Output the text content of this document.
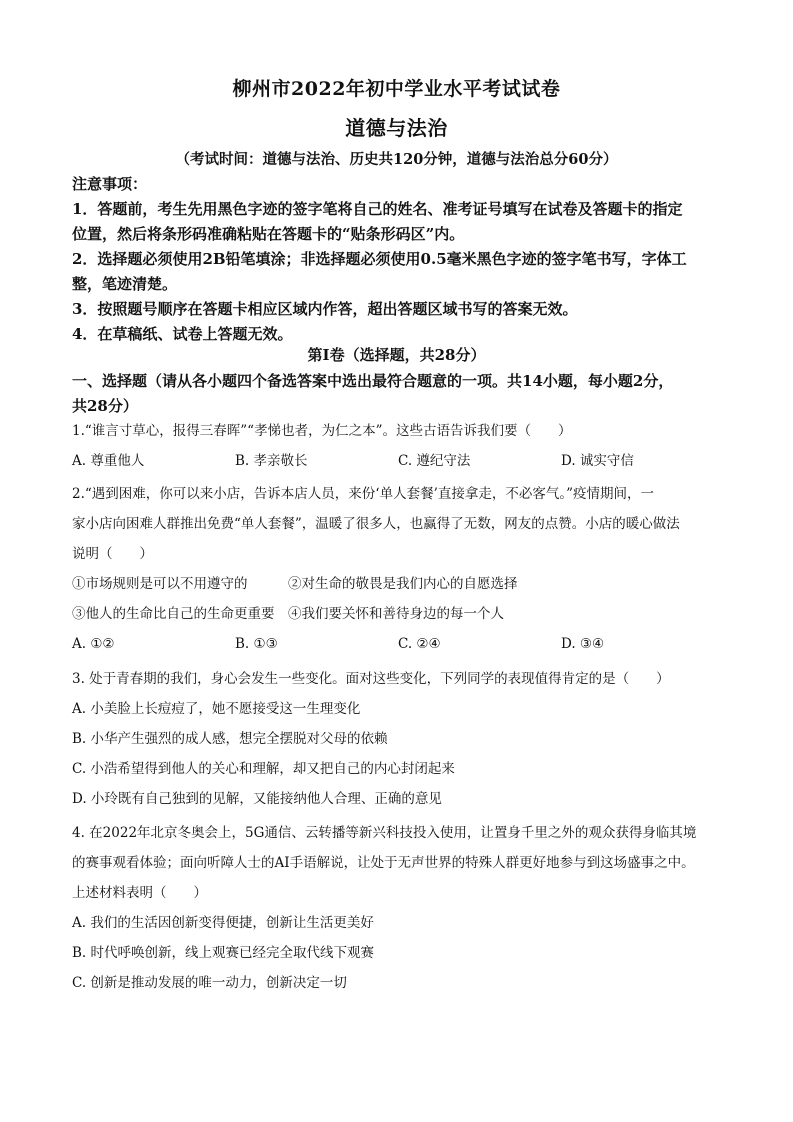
柳州市2022年初中学业水平考试试卷
道德与法治
（考试时间：道德与法治、历史共120分钟，道德与法治总分60分）

注意事项：

1．答题前，考生先用黑色字迹的签字笔将自己的姓名、准考证号填写在试卷及答题卡的指定

位置，然后将条形码准确粘贴在答题卡的“贴条形码区”内。

2．选择题必须使用2B铅笔填涂；非选择题必须使用0.5毫米黑色字迹的签字笔书写，字体工

整，笔迹清楚。

3．按照题号顺序在答题卡相应区域内作答，超出答题区域书写的答案无效。

4．在草稿纸、试卷上答题无效。

第Ⅰ卷（选择题，共28分）
一、选择题（请从各小题四个备选答案中选出最符合题意的一项。共14小题，每小题2分，
共28分）

1.“谁言寸草心，报得三春晖”“孝悌也者，为仁之本”。这些古语告诉我们要（　　）

A. 尊重他人	B. 孝亲敬长	C. 遵纪守法	D. 诚实守信

2.“遇到困难，你可以来小店，告诉本店人员，来份‘单人套餐’直接拿走，不必客气。”疫情期间，一

家小店向困难人群推出免费“单人套餐”，温暖了很多人，也赢得了无数，网友的点赞。小店的暖心做法

说明（　　）

①市场规则是可以不用遵守的	②对生命的敬畏是我们内心的自愿选择

③他人的生命比自己的生命更重要 ④我们要关怀和善待身边的每一个人

A. ①②	B. ①③	C. ②④	D. ③④

3. 处于青春期的我们，身心会发生一些变化。面对这些变化，下列同学的表现值得肯定的是（　　）

A. 小美脸上长痘痘了，她不愿接受这一生理变化

B. 小华产生强烈的成人感，想完全摆脱对父母的依赖

C. 小浩希望得到他人的关心和理解，却又把自己的内心封闭起来

D. 小玲既有自己独到的见解，又能接纳他人合理、正确的意见

4. 在2022年北京冬奥会上，5G通信、云转播等新兴科技投入使用，让置身千里之外的观众获得身临其境

的赛事观看体验；面向听障人士的AI手语解说，让处于无声世界的特殊人群更好地参与到这场盛事之中。

上述材料表明（　　）

A. 我们的生活因创新变得便捷，创新让生活更美好

B. 时代呼唤创新，线上观赛已经完全取代线下观赛

C. 创新是推动发展的唯一动力，创新决定一切
